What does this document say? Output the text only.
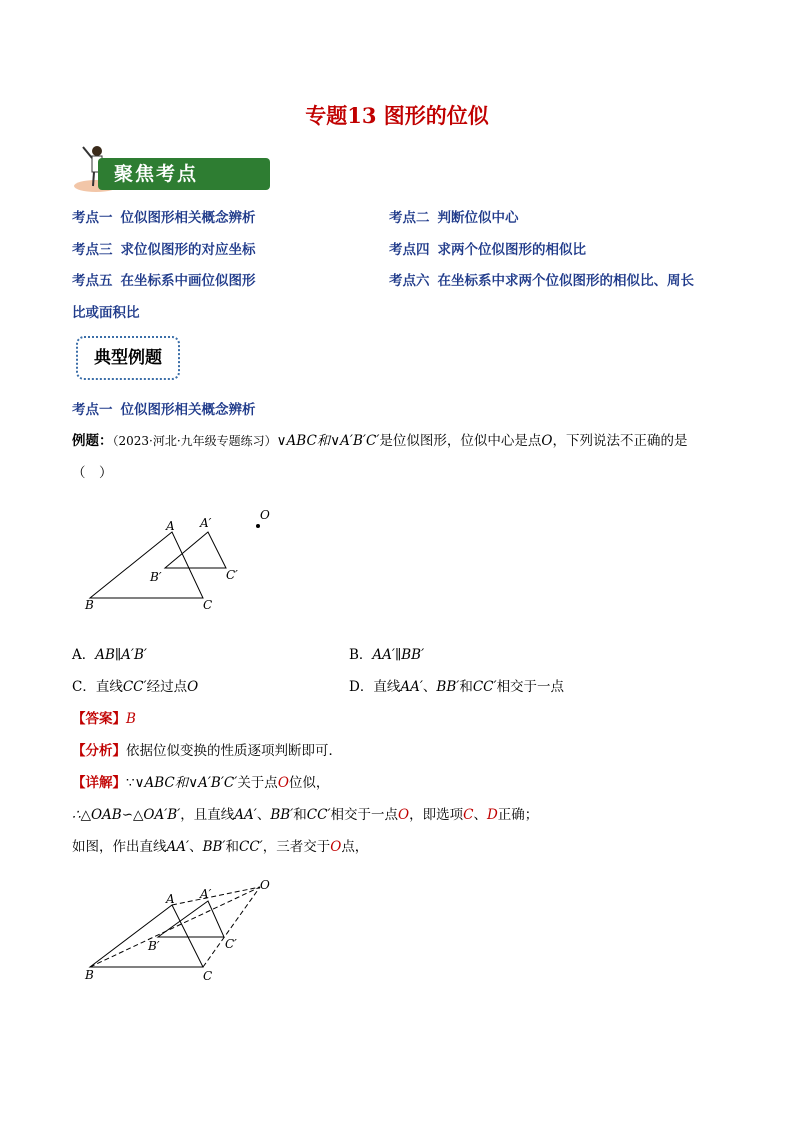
专题13 图形的位似
聚焦考点
考点一 位似图形相关概念辨析	考点二 判断位似中心
考点三 求位似图形的对应坐标	考点四 求两个位似图形的相似比
考点五 在坐标系中画位似图形	考点六 在坐标系中求两个位似图形的相似比、周长
比或面积比
典型例题
考点一 位似图形相关概念辨析
例题：（2023·河北·九年级专题练习）∨ABC和∨A′B′C′是位似图形，位似中心是点O，下列说法不正确的是
（　）
A A′
O
B′	C′
B	C
A．AB∥A′B′	B．AA′∥BB′
C．直线CC′经过点O	D．直线AA′、BB′和CC′相交于一点
【答案】B
【分析】依据位似变换的性质逐项判断即可．
【详解】∵∨ABC和∨A′B′C′关于点O位似，
∴△OAB∽△OA′B′，且直线AA′、BB′和CC′相交于一点O，即选项C、D正确；
如图，作出直线AA′、BB′和CC′，三者交于O点，
A A′
O
B′	C′
B	C
